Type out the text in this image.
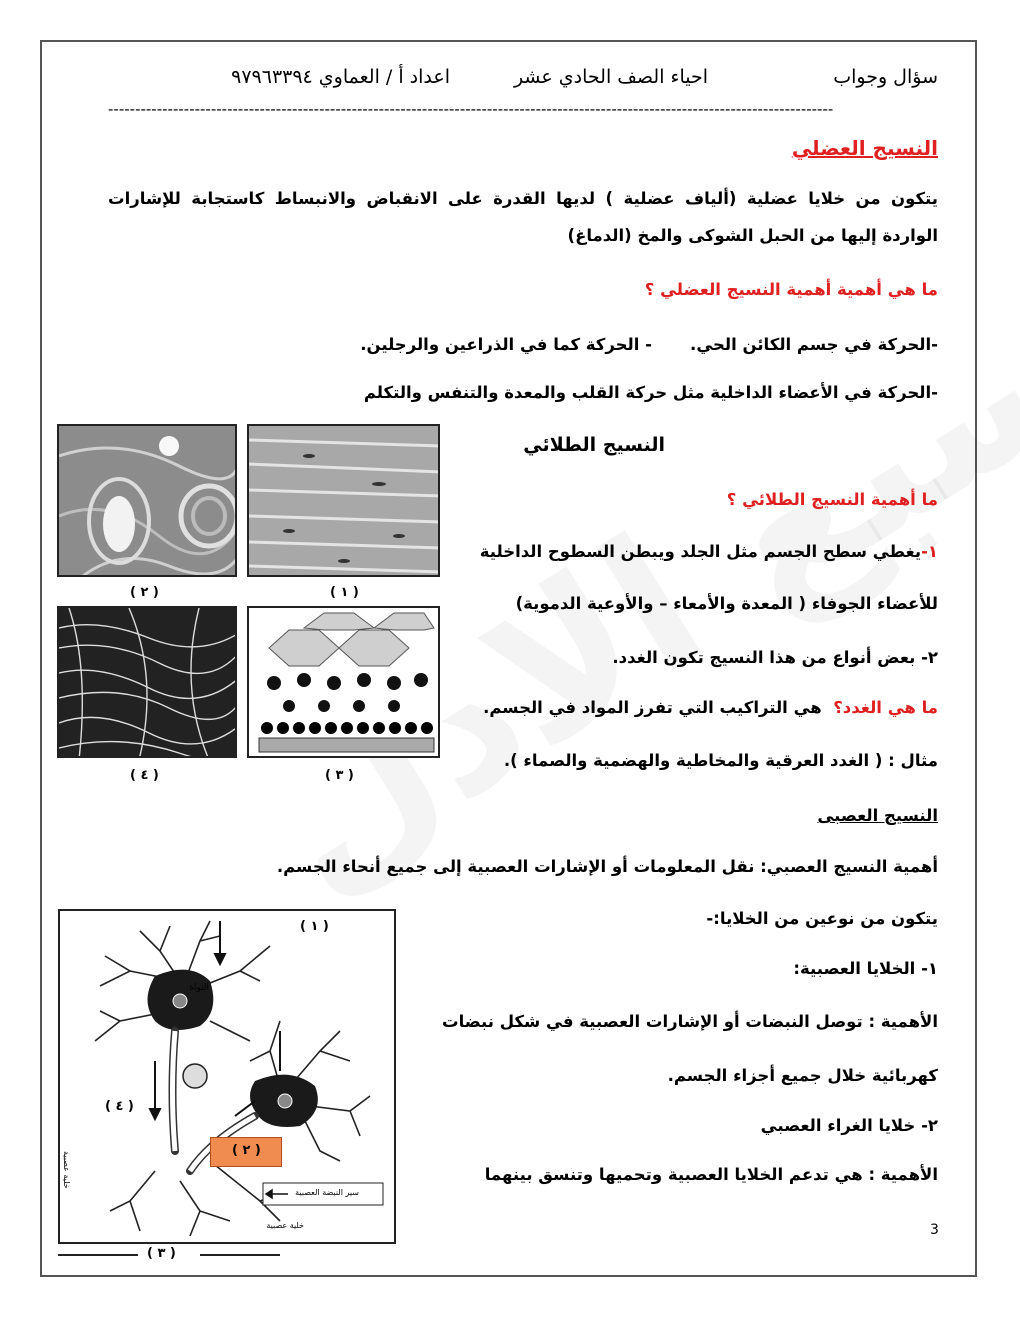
سؤال وجواب
احياء الصف الحادي عشر
اعداد أ / العماوي ٩٧٩٦٣٣٩٤
--------------------------------------------------------------------------------------------------------------------------------------
النسيج العضلي
يتكون من خلايا عضلية (ألياف عضلية ) لديها القدرة على الانقباض والانبساط كاستجابة للإشارات
الواردة إليها من الحبل الشوكى والمخ (الدماغ)
ما هي أهمية أهمية النسيج العضلي ؟
-الحركة في جسم الكائن الحي.
- الحركة كما في الذراعين والرجلين.
-الحركة في الأعضاء الداخلية مثل حركة القلب والمعدة والتنفس والتكلم
النسيج الطلائي
ما أهمية النسيج الطلائي ؟
١-يغطي سطح الجسم مثل الجلد ويبطن السطوح الداخلية
للأعضاء الجوفاء ( المعدة والأمعاء – والأوعية الدموية)
٢- بعض أنواع من هذا النسيج تكون الغدد.
ما هي الغدد؟  هي التراكيب التي تفرز المواد في الجسم.
مثال : ( الغدد العرقية والمخاطية والهضمية والصماء ).
( ٢ )	( ١ )
( ٤ )	( ٣ )
النسيج العصبى
أهمية النسيج العصبي: نقل المعلومات أو الإشارات العصبية إلى جميع أنحاء الجسم.
يتكون من نوعين من الخلايا:-
١- الخلايا العصبية:
الأهمية : توصل النبضات أو الإشارات العصبية في شكل نبضات
كهربائية خلال جميع أجزاء الجسم.
٢- خلايا الغراء العصبي
الأهمية : هي تدعم الخلايا العصبية وتحميها وتنسق بينهما
( ٢ )
( ١ )
( ٤ )
النواة
خلية عصبية
خلية عصبية
سير النبضة العصبية
( ٣ )
3
